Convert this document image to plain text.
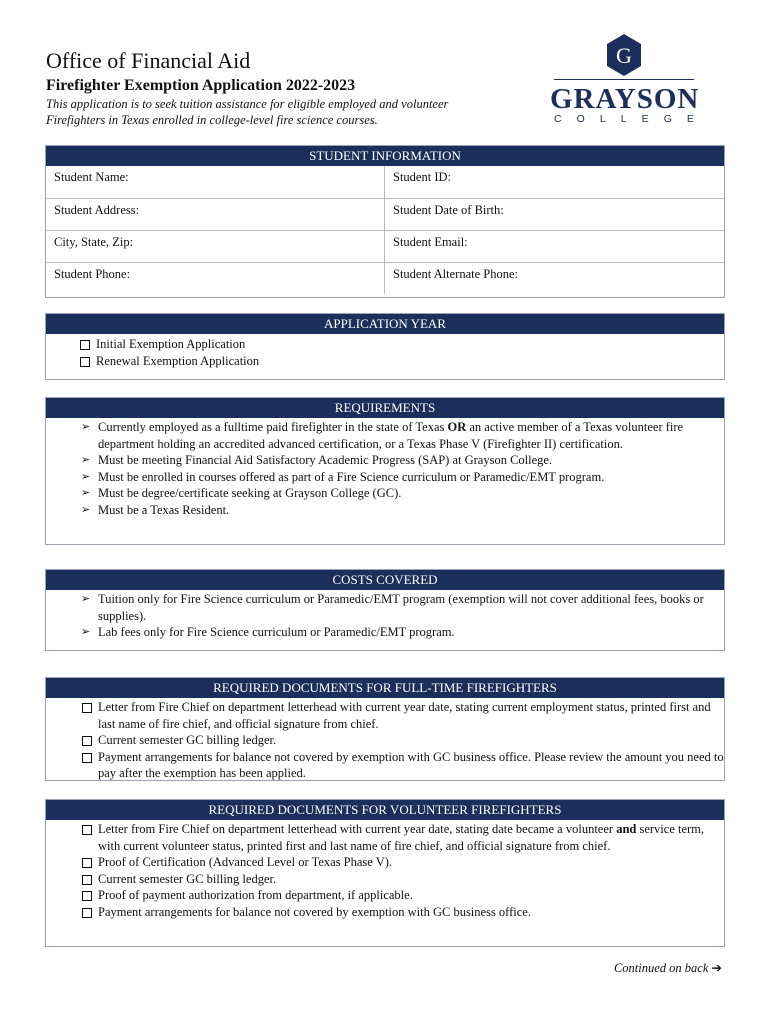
Office of Financial Aid
Firefighter Exemption Application 2022-2023
This application is to seek tuition assistance for eligible employed and volunteer
Firefighters in Texas enrolled in college-level fire science courses.
G
GRAYSON
C O L L E G E
STUDENT INFORMATION
Student Name:	Student ID:
Student Address:	Student Date of Birth:
City, State, Zip:	Student Email:
Student Phone:	Student Alternate Phone:
APPLICATION YEAR
Initial Exemption Application
Renewal Exemption Application
REQUIREMENTS
➢ Currently employed as a fulltime paid firefighter in the state of Texas OR an active member of a Texas volunteer fire department holding an accredited advanced certification, or a Texas Phase V (Firefighter II) certification.
➢ Must be meeting Financial Aid Satisfactory Academic Progress (SAP) at Grayson College.
➢ Must be enrolled in courses offered as part of a Fire Science curriculum or Paramedic/EMT program.
➢ Must be degree/certificate seeking at Grayson College (GC).
➢ Must be a Texas Resident.
COSTS COVERED
➢ Tuition only for Fire Science curriculum or Paramedic/EMT program (exemption will not cover additional fees, books or supplies).
➢ Lab fees only for Fire Science curriculum or Paramedic/EMT program.
REQUIRED DOCUMENTS FOR FULL-TIME FIREFIGHTERS
Letter from Fire Chief on department letterhead with current year date, stating current employment status, printed first and last name of fire chief, and official signature from chief.
Current semester GC billing ledger.
Payment arrangements for balance not covered by exemption with GC business office. Please review the amount you need to pay after the exemption has been applied.
REQUIRED DOCUMENTS FOR VOLUNTEER FIREFIGHTERS
Letter from Fire Chief on department letterhead with current year date, stating date became a volunteer and service term, with current volunteer status, printed first and last name of fire chief, and official signature from chief.
Proof of Certification (Advanced Level or Texas Phase V).
Current semester GC billing ledger.
Proof of payment authorization from department, if applicable.
Payment arrangements for balance not covered by exemption with GC business office.
Continued on back ➔
